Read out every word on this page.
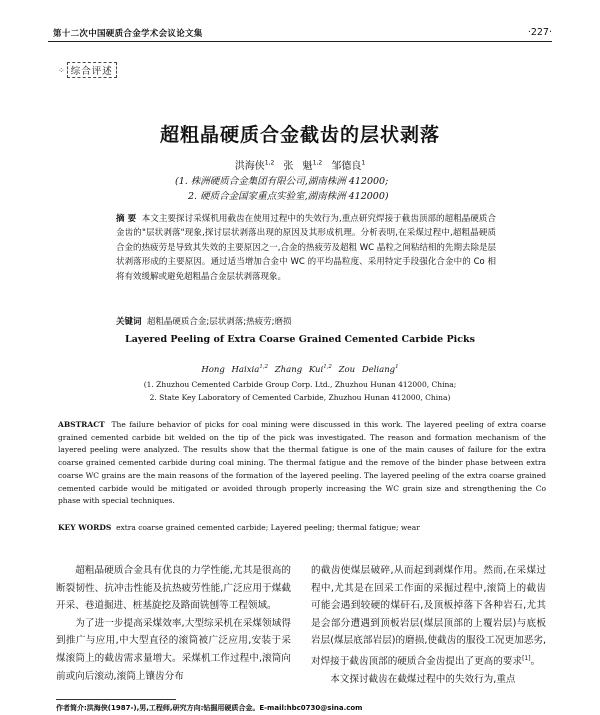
第十二次中国硬质合金学术会议论文集	·227·
⁘ 综合评述
超粗晶硬质合金截齿的层状剥落
洪海侠$^{1,2}$ 张 魁$^{1,2}$ 邹德良$^1$
(1. 株洲硬质合金集团有限公司,湖南株洲 412000;
2. 硬质合金国家重点实验室,湖南株洲 412000)
摘 要 本文主要探讨采煤机用截齿在使用过程中的失效行为,重点研究焊接于截齿顶部的超粗晶硬质合金齿的"层状剥落"现象,探讨层状剥落出现的原因及其形成机理。分析表明,在采煤过程中,超粗晶硬质合金的热疲劳是导致其失效的主要原因之一,合金的热疲劳及超粗 WC 晶粒之间粘结相的先期去除是层状剥落形成的主要原因。通过适当增加合金中 WC 的平均晶粒度、采用特定手段强化合金中的 Co 相将有效缓解或避免超粗晶合金层状剥落现象。
关键词 超粗晶硬质合金;层状剥落;热疲劳;磨损
Layered Peeling of Extra Coarse Grained Cemented Carbide Picks
Hong Haixia$^{1,2}$ Zhang Kui$^{1,2}$ Zou Deliang$^1$
(1. Zhuzhou Cemented Carbide Group Corp. Ltd., Zhuzhou Hunan 412000, China;
2. State Key Laboratory of Cemented Carbide, Zhuzhou Hunan 412000, China)
ABSTRACT The failure behavior of picks for coal mining were discussed in this work. The layered peeling of extra coarse grained cemented carbide bit welded on the tip of the pick was investigated. The reason and formation mechanism of the layered peeling were analyzed. The results show that the thermal fatigue is one of the main causes of failure for the extra coarse grained cemented carbide during coal mining. The thermal fatigue and the remove of the binder phase between extra coarse WC grains are the main reasons of the formation of the layered peeling. The layered peeling of the extra coarse grained cemented carbide would be mitigated or avoided through properly increasing the WC grain size and strengthening the Co phase with special techniques.
KEY WORDS extra coarse grained cemented carbide; Layered peeling; thermal fatigue; wear

超粗晶硬质合金具有优良的力学性能,尤其是很高的断裂韧性、抗冲击性能及抗热疲劳性能,广泛应用于煤截开采、巷道掘进、桩基旋挖及路面铣刨等工程领域。

为了进一步提高采煤效率,大型综采机在采煤领域得到推广与应用,中大型直径的滚筒被广泛应用,安装于采煤滚筒上的截齿需求量增大。采煤机工作过程中,滚筒向前或向后滚动,滚筒上镶齿分布

的截齿使煤层破碎,从而起到剥煤作用。然而,在采煤过程中,尤其是在回采工作面的采掘过程中,滚筒上的截齿可能会遇到较硬的煤矸石,及顶板掉落下各种岩石,尤其是会部分遭遇到顶板岩层(煤层顶部的上覆岩层)与底板岩层(煤层底部岩层)的磨损,使截齿的服役工况更加恶劣,对焊接于截齿顶部的硬质合金齿提出了更高的要求[1]。

本文探讨截齿在截煤过程中的失效行为,重点

作者简介:洪海侠(1987-),男,工程师,研究方向:钻掘用硬质合金。E-mail:hbc0730@sina.com
